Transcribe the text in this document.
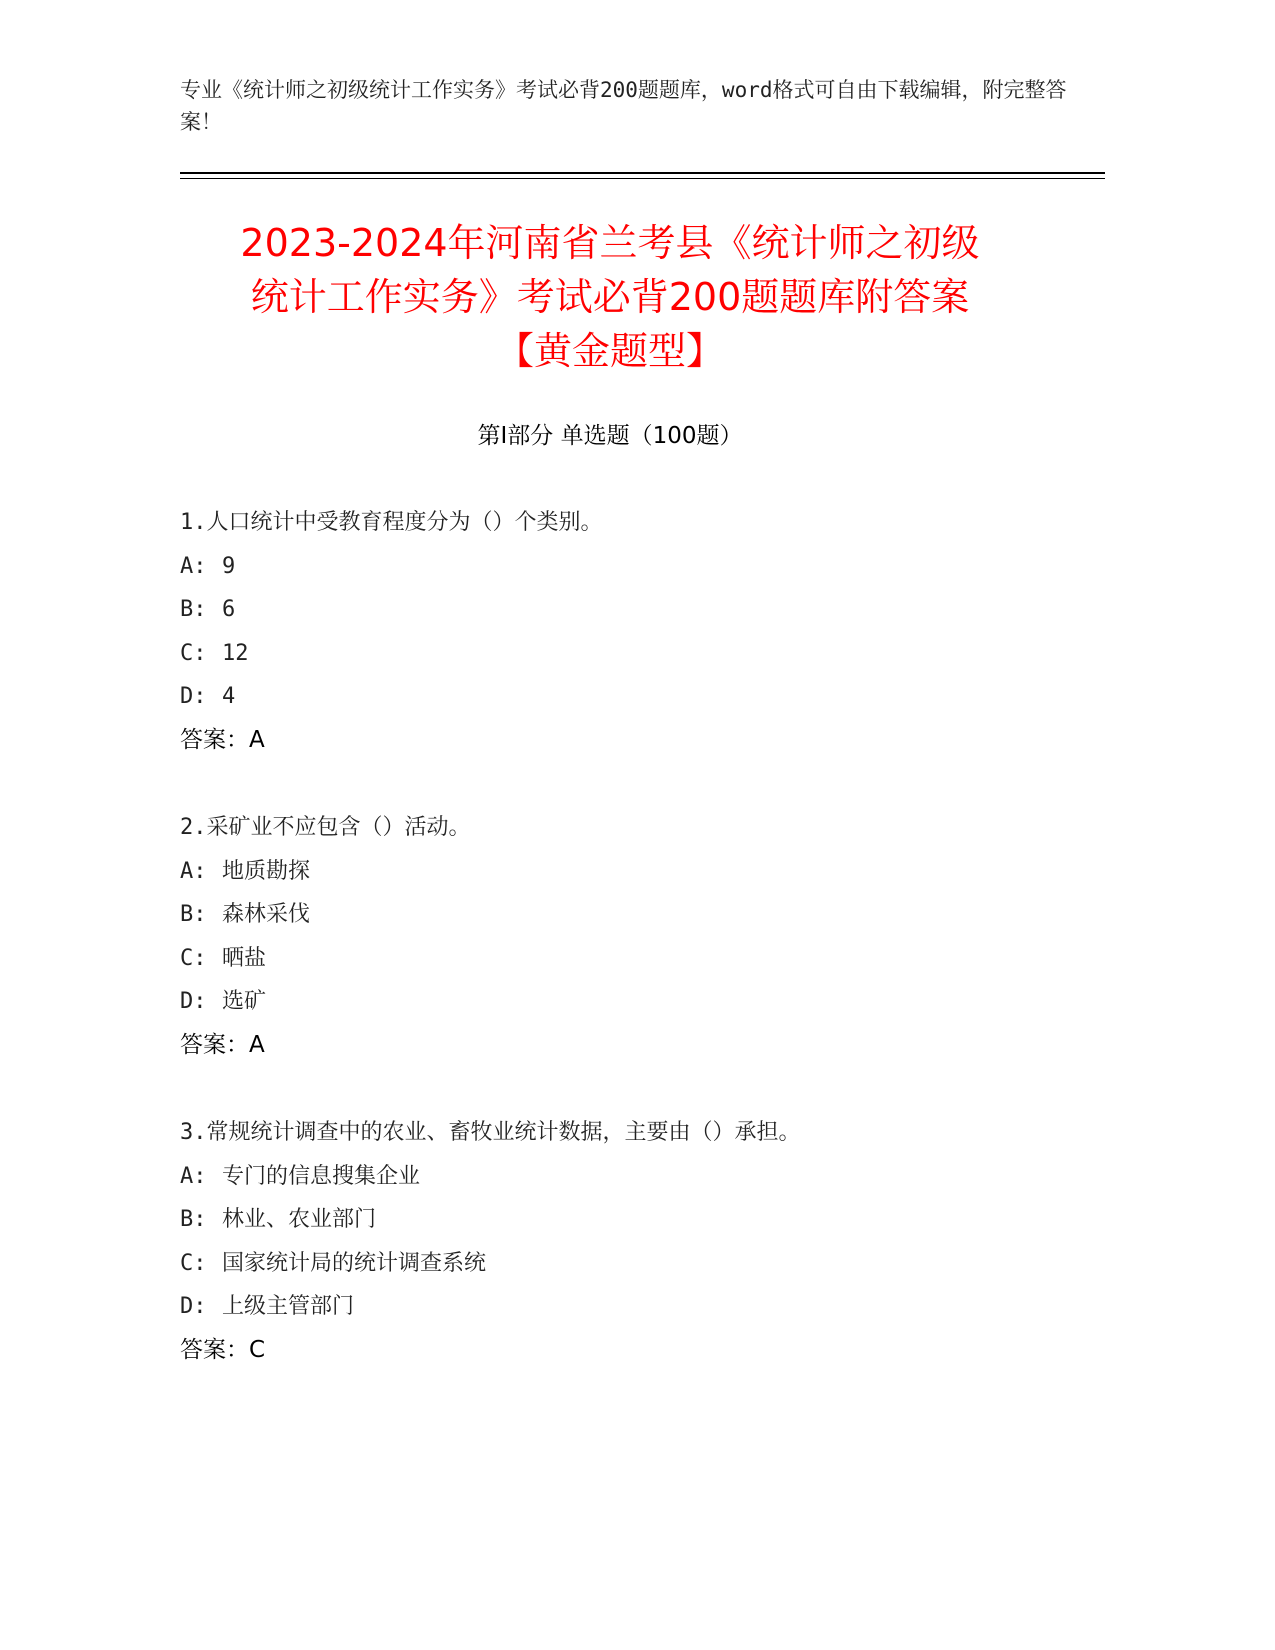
专业《统计师之初级统计工作实务》考试必背200题题库，word格式可自由下载编辑，附完整答案！
2023-2024年河南省兰考县《统计师之初级
统计工作实务》考试必背200题题库附答案
【黄金题型】
第Ⅰ部分 单选题（100题）
1.人口统计中受教育程度分为（）个类别。
A: 9
B: 6
C: 12
D: 4
答案：A
2.采矿业不应包含（）活动。
A: 地质勘探
B: 森林采伐
C: 晒盐
D: 选矿
答案：A
3.常规统计调查中的农业、畜牧业统计数据，主要由（）承担。
A: 专门的信息搜集企业
B: 林业、农业部门
C: 国家统计局的统计调查系统
D: 上级主管部门
答案：C
